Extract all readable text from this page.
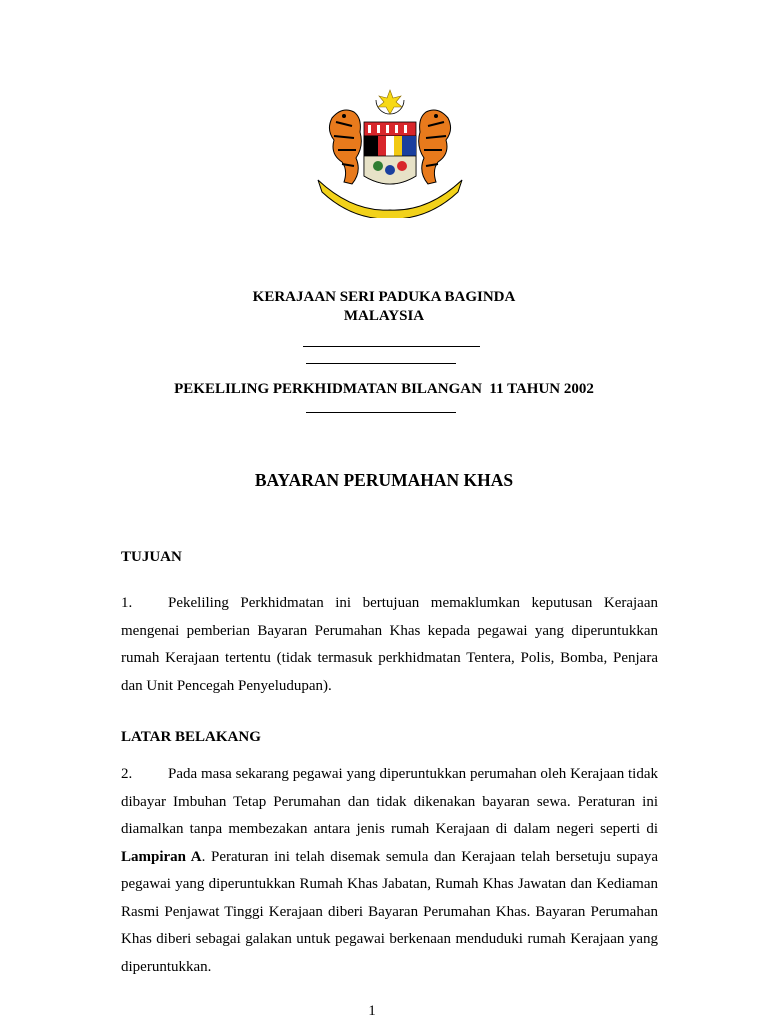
KERAJAAN SERI PADUKA BAGINDA
MALAYSIA
PEKELILING PERKHIDMATAN BILANGAN  11 TAHUN 2002
BAYARAN PERUMAHAN KHAS
TUJUAN
1. Pekeliling Perkhidmatan ini bertujuan memaklumkan keputusan Kerajaan
mengenai pemberian Bayaran Perumahan Khas kepada pegawai yang diperuntukkan
rumah Kerajaan tertentu (tidak termasuk perkhidmatan Tentera, Polis, Bomba, Penjara
dan Unit Pencegah Penyeludupan).
LATAR BELAKANG
2. Pada masa sekarang pegawai yang diperuntukkan perumahan oleh Kerajaan tidak
dibayar Imbuhan Tetap Perumahan dan tidak dikenakan bayaran sewa. Peraturan ini
diamalkan tanpa membezakan antara jenis rumah Kerajaan di dalam negeri seperti di
Lampiran A. Peraturan ini telah disemak semula dan Kerajaan telah bersetuju supaya
pegawai yang diperuntukkan Rumah Khas Jabatan, Rumah Khas Jawatan dan Kediaman
Rasmi Penjawat Tinggi Kerajaan diberi Bayaran Perumahan Khas. Bayaran Perumahan
Khas diberi sebagai galakan untuk pegawai berkenaan menduduki rumah Kerajaan yang
diperuntukkan.
1
